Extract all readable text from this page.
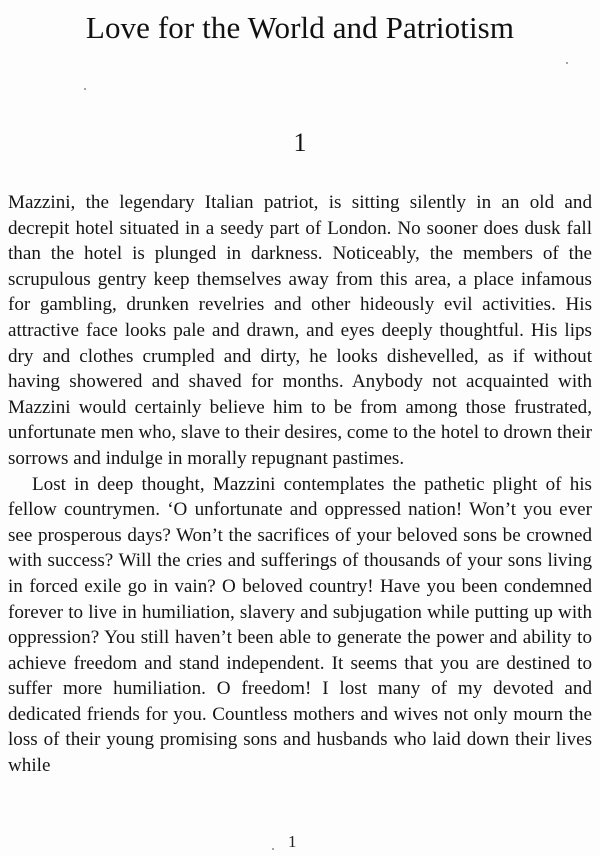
Love for the World and Patriotism
1

Mazzini, the legendary Italian patriot, is sitting silently in an old and decrepit hotel situated in a seedy part of London. No sooner does dusk fall than the hotel is plunged in darkness. Noticeably, the members of the scrupulous gentry keep themselves away from this area, a place infamous for gambling, drunken revelries and other hideously evil activities. His attractive face looks pale and drawn, and eyes deeply thoughtful. His lips dry and clothes crumpled and dirty, he looks dishevelled, as if without having showered and shaved for months. Anybody not acquainted with Mazzini would certainly believe him to be from among those frustrated, unfortunate men who, slave to their desires, come to the hotel to drown their sorrows and indulge in morally repugnant pastimes.

Lost in deep thought, Mazzini contemplates the pathetic plight of his fellow countrymen. ‘O unfortunate and oppressed nation! Won’t you ever see prosperous days? Won’t the sacrifices of your beloved sons be crowned with success? Will the cries and sufferings of thousands of your sons living in forced exile go in vain? O beloved country! Have you been condemned forever to live in humiliation, slavery and subjugation while putting up with oppression? You still haven’t been able to generate the power and ability to achieve freedom and stand independent. It seems that you are destined to suffer more humiliation. O freedom! I lost many of my devoted and dedicated friends for you. Countless mothers and wives not only mourn the loss of their young promising sons and husbands who laid down their lives while

1
